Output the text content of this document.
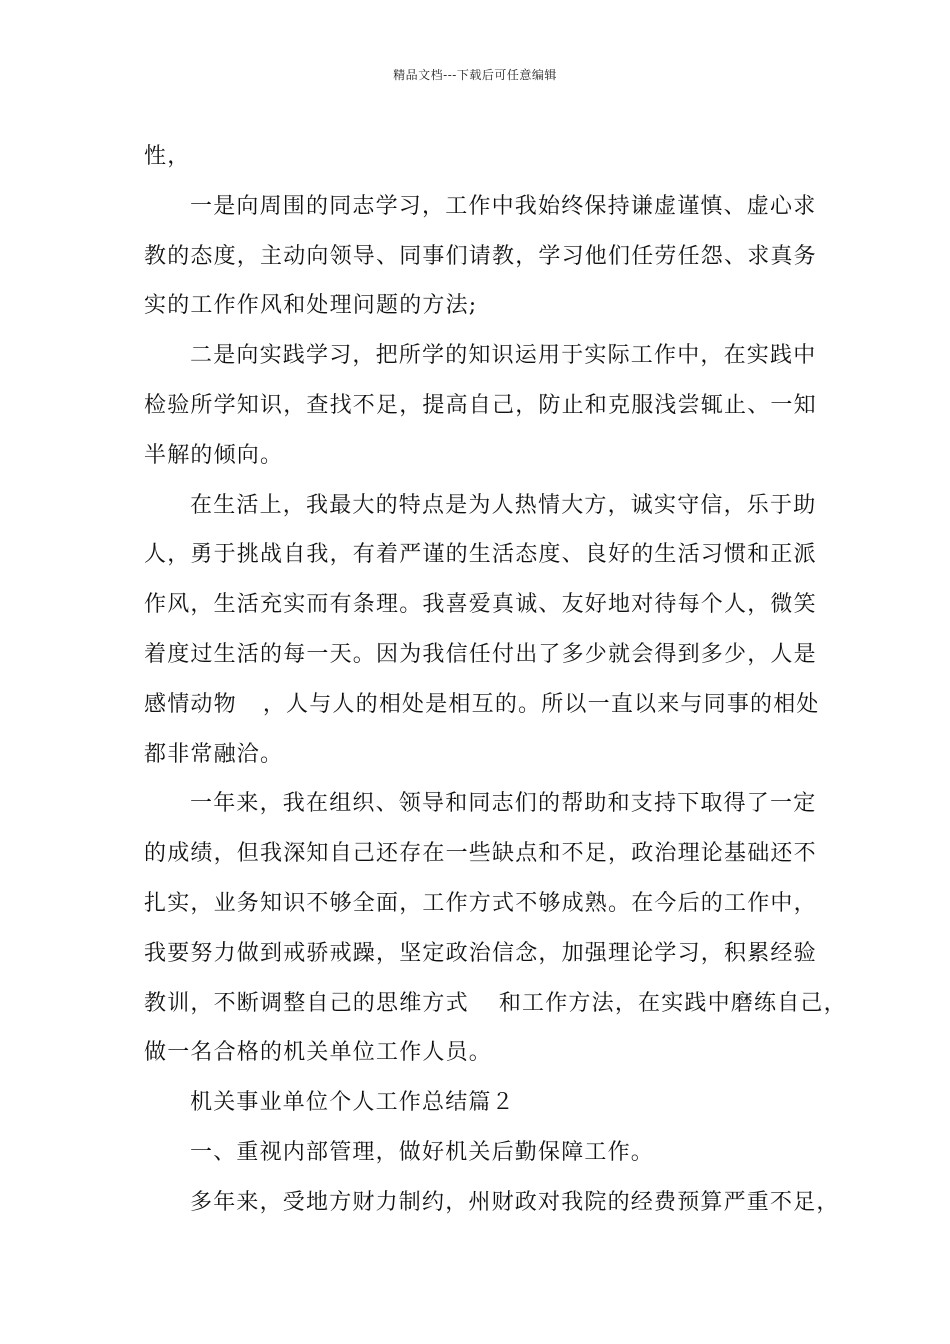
精品文档---下载后可任意编辑
性，
一是向周围的同志学习，工作中我始终保持谦虚谨慎、虚心求
教的态度，主动向领导、同事们请教，学习他们任劳任怨、求真务
实的工作作风和处理问题的方法;
二是向实践学习，把所学的知识运用于实际工作中，在实践中
检验所学知识，查找不足，提高自己，防止和克服浅尝辄止、一知
半解的倾向。
在生活上，我最大的特点是为人热情大方，诚实守信，乐于助
人，勇于挑战自我，有着严谨的生活态度、良好的生活习惯和正派
作风，生活充实而有条理。我喜爱真诚、友好地对待每个人，微笑
着度过生活的每一天。因为我信任付出了多少就会得到多少，人是
感情动物 ，人与人的相处是相互的。所以一直以来与同事的相处
都非常融洽。
一年来，我在组织、领导和同志们的帮助和支持下取得了一定
的成绩，但我深知自己还存在一些缺点和不足，政治理论基础还不
扎实，业务知识不够全面，工作方式不够成熟。在今后的工作中，
我要努力做到戒骄戒躁，坚定政治信念，加强理论学习，积累经验
教训，不断调整自己的思维方式 和工作方法，在实践中磨练自己，
做一名合格的机关单位工作人员。
机关事业单位个人工作总结篇２
一、重视内部管理，做好机关后勤保障工作。
多年来，受地方财力制约，州财政对我院的经费预算严重不足，
